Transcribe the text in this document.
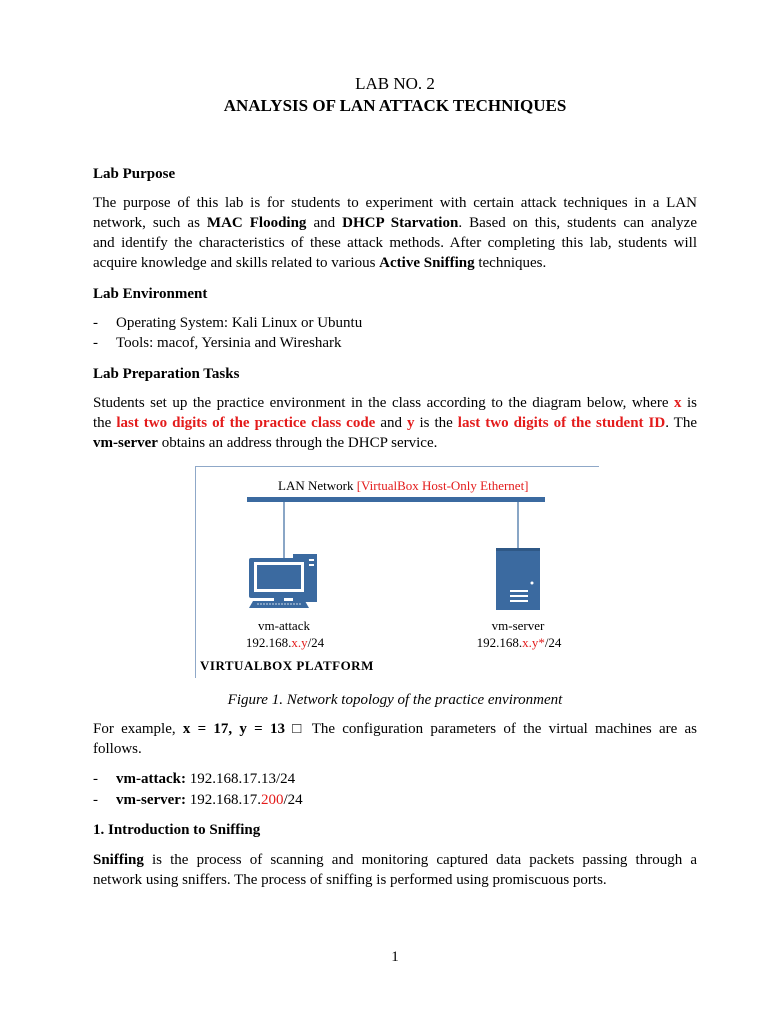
LAB NO. 2

ANALYSIS OF LAN ATTACK TECHNIQUES

Lab Purpose

The purpose of this lab is for students to experiment with certain attack techniques in a LAN
network, such as MAC Flooding and DHCP Starvation. Based on this, students can analyze
and identify the characteristics of these attack methods. After completing this lab, students will
acquire knowledge and skills related to various Active Sniffing techniques.

Lab Environment

- Operating System: Kali Linux or Ubuntu
- Tools: macof, Yersinia and Wireshark

Lab Preparation Tasks

Students set up the practice environment in the class according to the diagram below, where x is
the last two digits of the practice class code and y is the last two digits of the student ID. The
vm-server obtains an address through the DHCP service.
LAN Network [VirtualBox Host-Only Ethernet]
vm-attack
192.168.x.y/24
vm-server
192.168.x.y*/24
VIRTUALBOX PLATFORM

Figure 1. Network topology of the practice environment

For example, x = 17, y = 13 □ The configuration parameters of the virtual machines are as
follows.
- vm-attack: 192.168.17.13/24
- vm-server: 192.168.17.200/24

1. Introduction to Sniffing

Sniffing is the process of scanning and monitoring captured data packets passing through a
network using sniffers. The process of sniffing is performed using promiscuous ports.

1
